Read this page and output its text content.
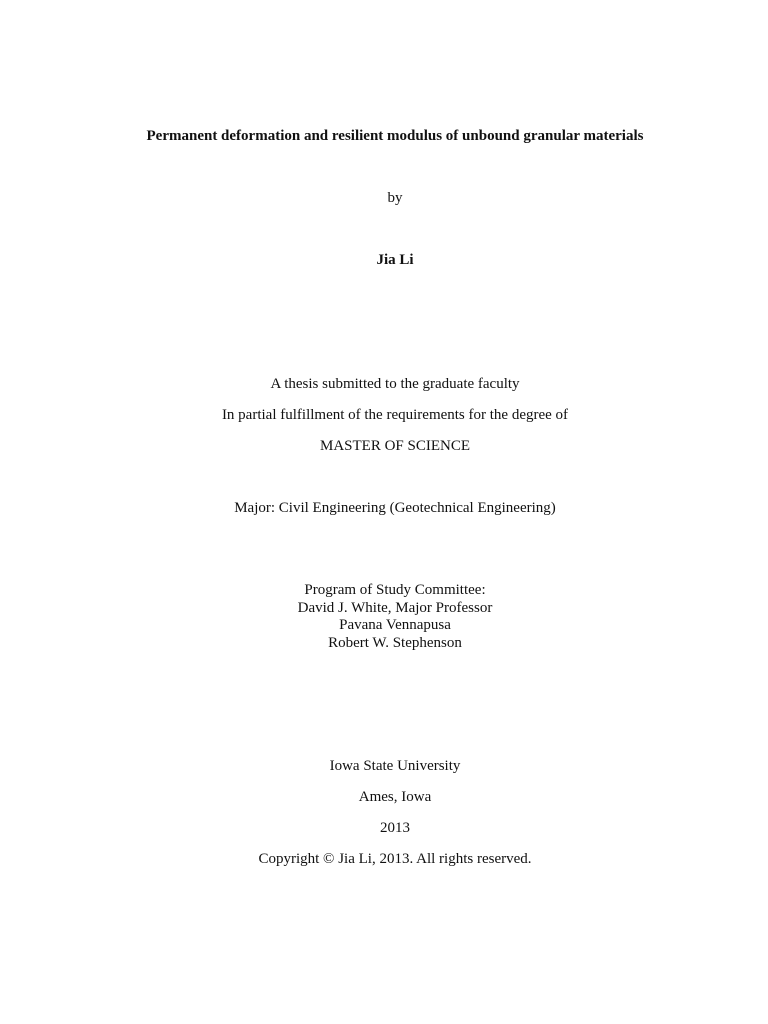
Permanent deformation and resilient modulus of unbound granular materials
by
Jia Li
A thesis submitted to the graduate faculty
In partial fulfillment of the requirements for the degree of
MASTER OF SCIENCE
Major: Civil Engineering (Geotechnical Engineering)
Program of Study Committee:
David J. White, Major Professor
Pavana Vennapusa
Robert W. Stephenson
Iowa State University
Ames, Iowa
2013
Copyright © Jia Li, 2013. All rights reserved.
